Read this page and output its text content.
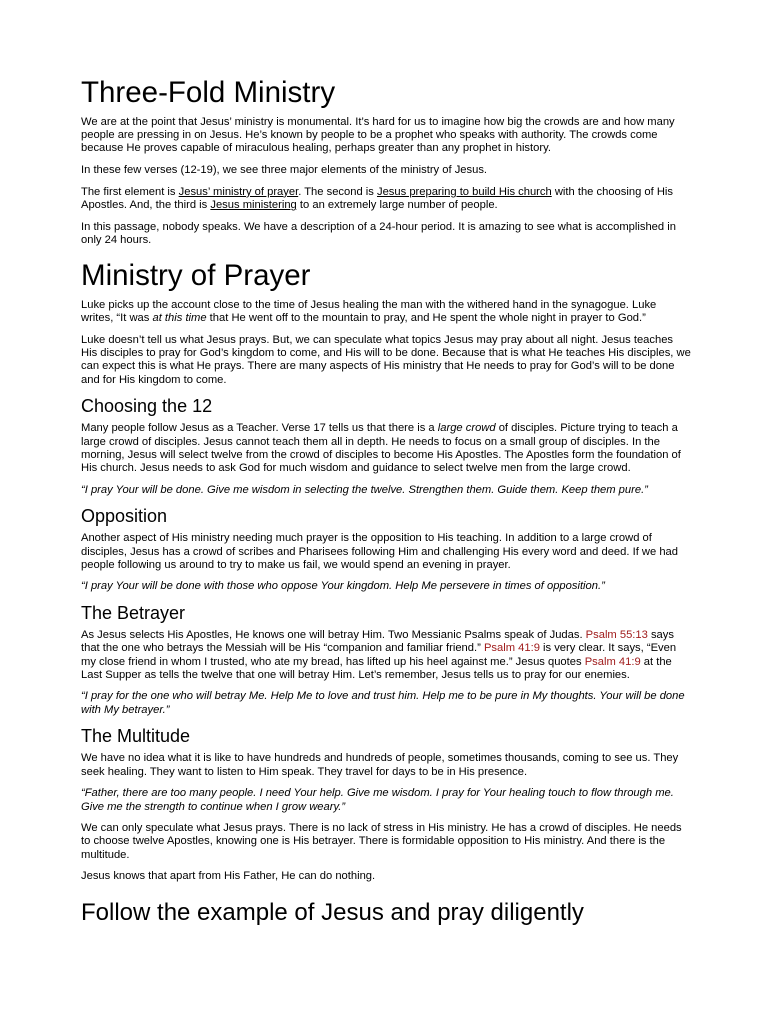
Three-Fold Ministry

We are at the point that Jesus’ ministry is monumental. It’s hard for us to imagine how big the crowds are and how many people are pressing in on Jesus. He’s known by people to be a prophet who speaks with authority. The crowds come because He proves capable of miraculous healing, perhaps greater than any prophet in history.

In these few verses (12-19), we see three major elements of the ministry of Jesus.

The first element is Jesus’ ministry of prayer. The second is Jesus preparing to build His church with the choosing of His Apostles. And, the third is Jesus ministering to an extremely large number of people.

In this passage, nobody speaks. We have a description of a 24-hour period. It is amazing to see what is accomplished in only 24 hours.

Ministry of Prayer

Luke picks up the account close to the time of Jesus healing the man with the withered hand in the synagogue. Luke writes, “It was at this time that He went off to the mountain to pray, and He spent the whole night in prayer to God.”

Luke doesn’t tell us what Jesus prays. But, we can speculate what topics Jesus may pray about all night. Jesus teaches His disciples to pray for God’s kingdom to come, and His will to be done. Because that is what He teaches His disciples, we can expect this is what He prays. There are many aspects of His ministry that He needs to pray for God’s will to be done and for His kingdom to come.

Choosing the 12

Many people follow Jesus as a Teacher. Verse 17 tells us that there is a large crowd of disciples. Picture trying to teach a large crowd of disciples. Jesus cannot teach them all in depth. He needs to focus on a small group of disciples. In the morning, Jesus will select twelve from the crowd of disciples to become His Apostles. The Apostles form the foundation of His church. Jesus needs to ask God for much wisdom and guidance to select twelve men from the large crowd.

“I pray Your will be done. Give me wisdom in selecting the twelve. Strengthen them. Guide them. Keep them pure.”

Opposition

Another aspect of His ministry needing much prayer is the opposition to His teaching. In addition to a large crowd of disciples, Jesus has a crowd of scribes and Pharisees following Him and challenging His every word and deed. If we had people following us around to try to make us fail, we would spend an evening in prayer.

“I pray Your will be done with those who oppose Your kingdom. Help Me persevere in times of opposition.”

The Betrayer

As Jesus selects His Apostles, He knows one will betray Him. Two Messianic Psalms speak of Judas. Psalm 55:13 says that the one who betrays the Messiah will be His “companion and familiar friend.” Psalm 41:9 is very clear. It says, “Even my close friend in whom I trusted, who ate my bread, has lifted up his heel against me.” Jesus quotes Psalm 41:9 at the Last Supper as tells the twelve that one will betray Him. Let’s remember, Jesus tells us to pray for our enemies.

“I pray for the one who will betray Me. Help Me to love and trust him. Help me to be pure in My thoughts. Your will be done with My betrayer.”

The Multitude

We have no idea what it is like to have hundreds and hundreds of people, sometimes thousands, coming to see us. They seek healing. They want to listen to Him speak. They travel for days to be in His presence.

“Father, there are too many people. I need Your help. Give me wisdom. I pray for Your healing touch to flow through me. Give me the strength to continue when I grow weary.”

We can only speculate what Jesus prays. There is no lack of stress in His ministry. He has a crowd of disciples. He needs to choose twelve Apostles, knowing one is His betrayer. There is formidable opposition to His ministry. And there is the multitude.

Jesus knows that apart from His Father, He can do nothing.

Follow the example of Jesus and pray diligently
